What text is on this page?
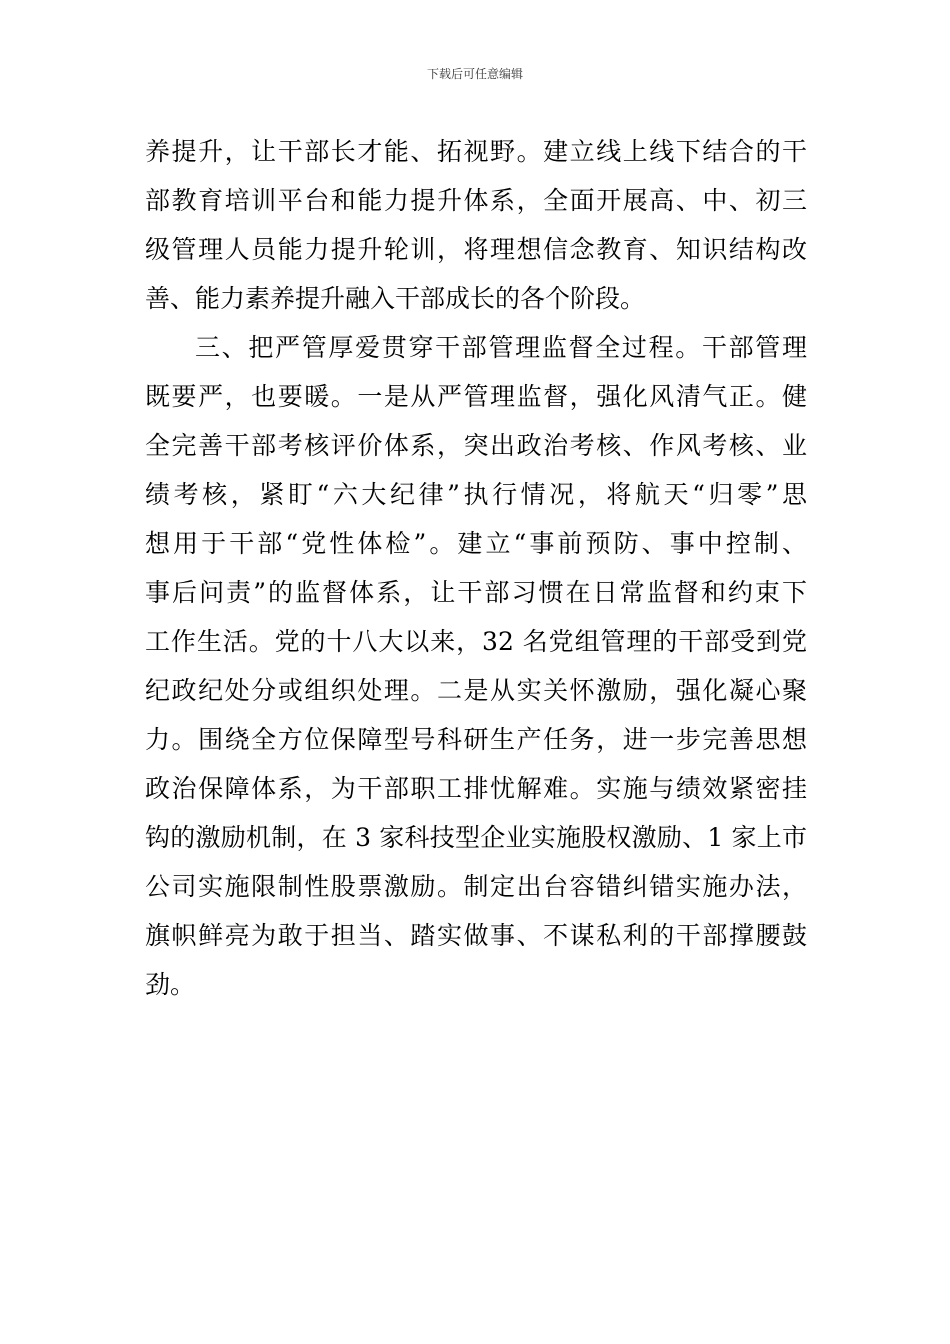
下载后可任意编辑
养提升，让干部长才能、拓视野。建立线上线下结合的干
部教育培训平台和能力提升体系，全面开展高、中、初三
级管理人员能力提升轮训，将理想信念教育、知识结构改
善、能力素养提升融入干部成长的各个阶段。
三、把严管厚爱贯穿干部管理监督全过程。干部管理
既要严，也要暖。一是从严管理监督，强化风清气正。健
全完善干部考核评价体系，突出政治考核、作风考核、业
绩考核，紧盯“六大纪律”执行情况，将航天“归零”思
想用于干部“党性体检”。建立“事前预防、事中控制、
事后问责”的监督体系，让干部习惯在日常监督和约束下
工作生活。党的十八大以来，32 名党组管理的干部受到党
纪政纪处分或组织处理。二是从实关怀激励，强化凝心聚
力。围绕全方位保障型号科研生产任务，进一步完善思想
政治保障体系，为干部职工排忧解难。实施与绩效紧密挂
钩的激励机制，在 3 家科技型企业实施股权激励、1 家上市
公司实施限制性股票激励。制定出台容错纠错实施办法，
旗帜鲜亮为敢于担当、踏实做事、不谋私利的干部撑腰鼓
劲。
